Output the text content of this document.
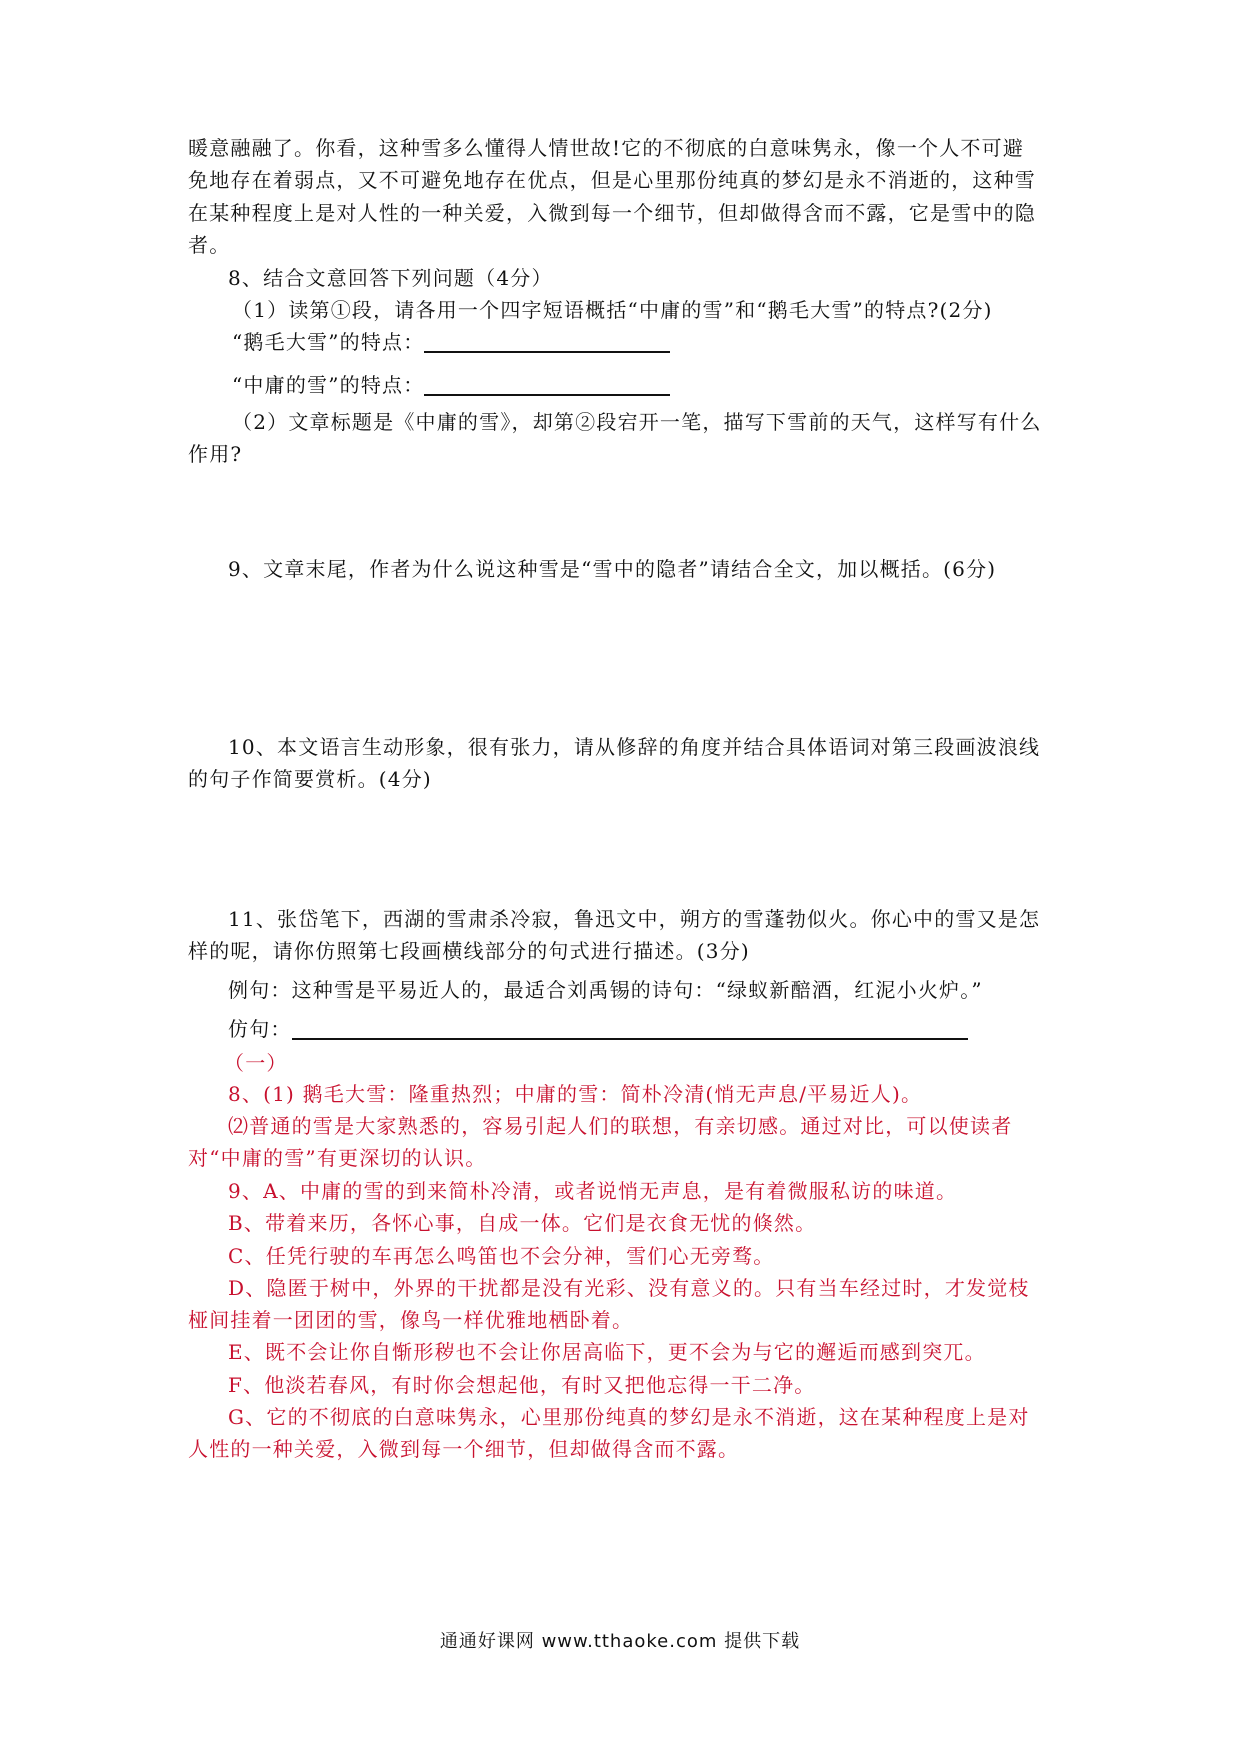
暖意融融了。你看，这种雪多么懂得人情世故!它的不彻底的白意味隽永，像一个人不可避
免地存在着弱点，又不可避免地存在优点，但是心里那份纯真的梦幻是永不消逝的，这种雪
在某种程度上是对人性的一种关爱，入微到每一个细节，但却做得含而不露，它是雪中的隐
者。
8、结合文意回答下列问题（4分）
（1）读第①段，请各用一个四字短语概括“中庸的雪”和“鹅毛大雪”的特点?(2分)
“鹅毛大雪”的特点：
“中庸的雪”的特点：
（2）文章标题是《中庸的雪》，却第②段宕开一笔，描写下雪前的天气，这样写有什么
作用?
9、文章末尾，作者为什么说这种雪是“雪中的隐者”请结合全文，加以概括。(6分)
10、本文语言生动形象，很有张力，请从修辞的角度并结合具体语词对第三段画波浪线
的句子作简要赏析。(4分)
11、张岱笔下，西湖的雪肃杀冷寂，鲁迅文中，朔方的雪蓬勃似火。你心中的雪又是怎
样的呢，请你仿照第七段画横线部分的句式进行描述。(3分)
例句：这种雪是平易近人的，最适合刘禹锡的诗句：“绿蚁新醅酒，红泥小火炉。”
仿句：
（一）
8、(1) 鹅毛大雪：隆重热烈；中庸的雪：简朴冷清(悄无声息/平易近人)。
⑵普通的雪是大家熟悉的，容易引起人们的联想，有亲切感。通过对比，可以使读者
对“中庸的雪”有更深切的认识。
9、A、中庸的雪的到来简朴冷清，或者说悄无声息，是有着微服私访的味道。
B、带着来历，各怀心事，自成一体。它们是衣食无忧的倏然。
C、任凭行驶的车再怎么鸣笛也不会分神，雪们心无旁骛。
D、隐匿于树中，外界的干扰都是没有光彩、没有意义的。只有当车经过时，才发觉枝
桠间挂着一团团的雪，像鸟一样优雅地栖卧着。
E、既不会让你自惭形秽也不会让你居高临下，更不会为与它的邂逅而感到突兀。
F、他淡若春风，有时你会想起他，有时又把他忘得一干二净。
G、它的不彻底的白意味隽永，心里那份纯真的梦幻是永不消逝，这在某种程度上是对
人性的一种关爱，入微到每一个细节，但却做得含而不露。
通通好课网 www.tthaoke.com 提供下载
